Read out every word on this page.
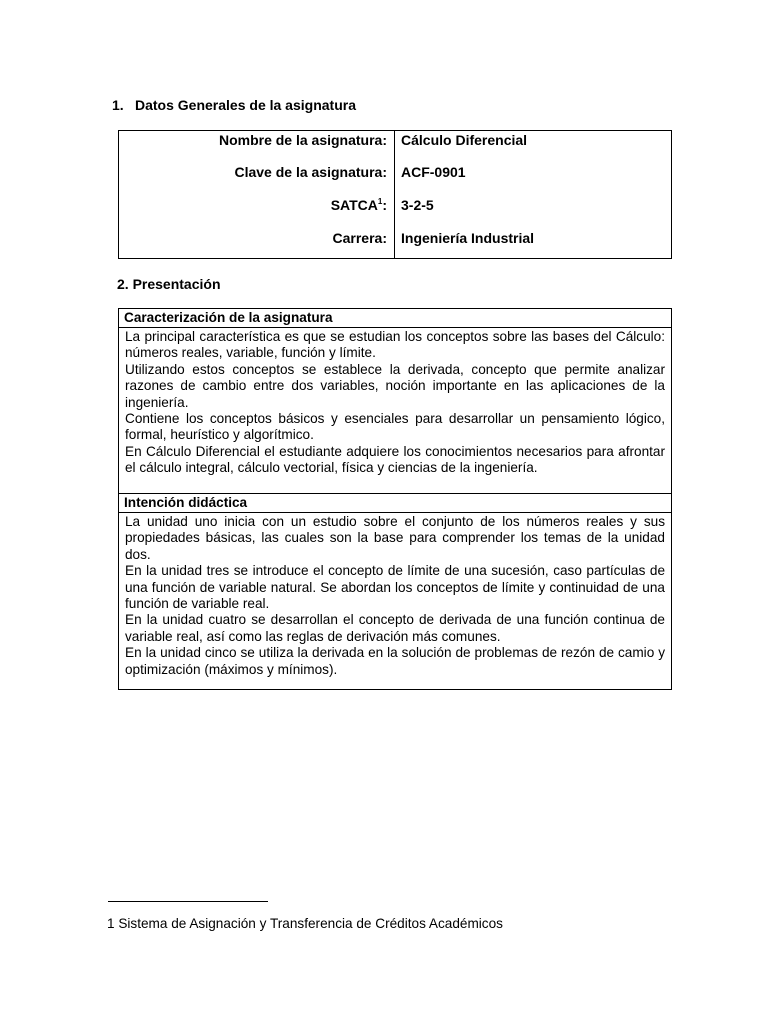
1. Datos Generales de la asignatura
Nombre de la asignatura: Cálculo Diferencial
Clave de la asignatura: ACF-0901
SATCA$^1$: 3-2-5
Carrera: Ingeniería Industrial
2. Presentación
Caracterización de la asignatura

La principal característica es que se estudian los conceptos sobre las bases del Cálculo: números reales, variable, función y límite.

Utilizando estos conceptos se establece la derivada, concepto que permite analizar razones de cambio entre dos variables, noción importante en las aplicaciones de la ingeniería.

Contiene los conceptos básicos y esenciales para desarrollar un pensamiento lógico, formal, heurístico y algorítmico.

En Cálculo Diferencial el estudiante adquiere los conocimientos necesarios para afrontar el cálculo integral, cálculo vectorial, física y ciencias de la ingeniería.

Intención didáctica

La unidad uno inicia con un estudio sobre el conjunto de los números reales y sus propiedades básicas, las cuales son la base para comprender los temas de la unidad dos.

En la unidad tres se introduce el concepto de límite de una sucesión, caso partículas de una función de variable natural. Se abordan los conceptos de límite y continuidad de una función de variable real.

En la unidad cuatro se desarrollan el concepto de derivada de una función continua de variable real, así como las reglas de derivación más comunes.

En la unidad cinco se utiliza la derivada en la solución de problemas de rezón de camio y optimización (máximos y mínimos).

1 Sistema de Asignación y Transferencia de Créditos Académicos
